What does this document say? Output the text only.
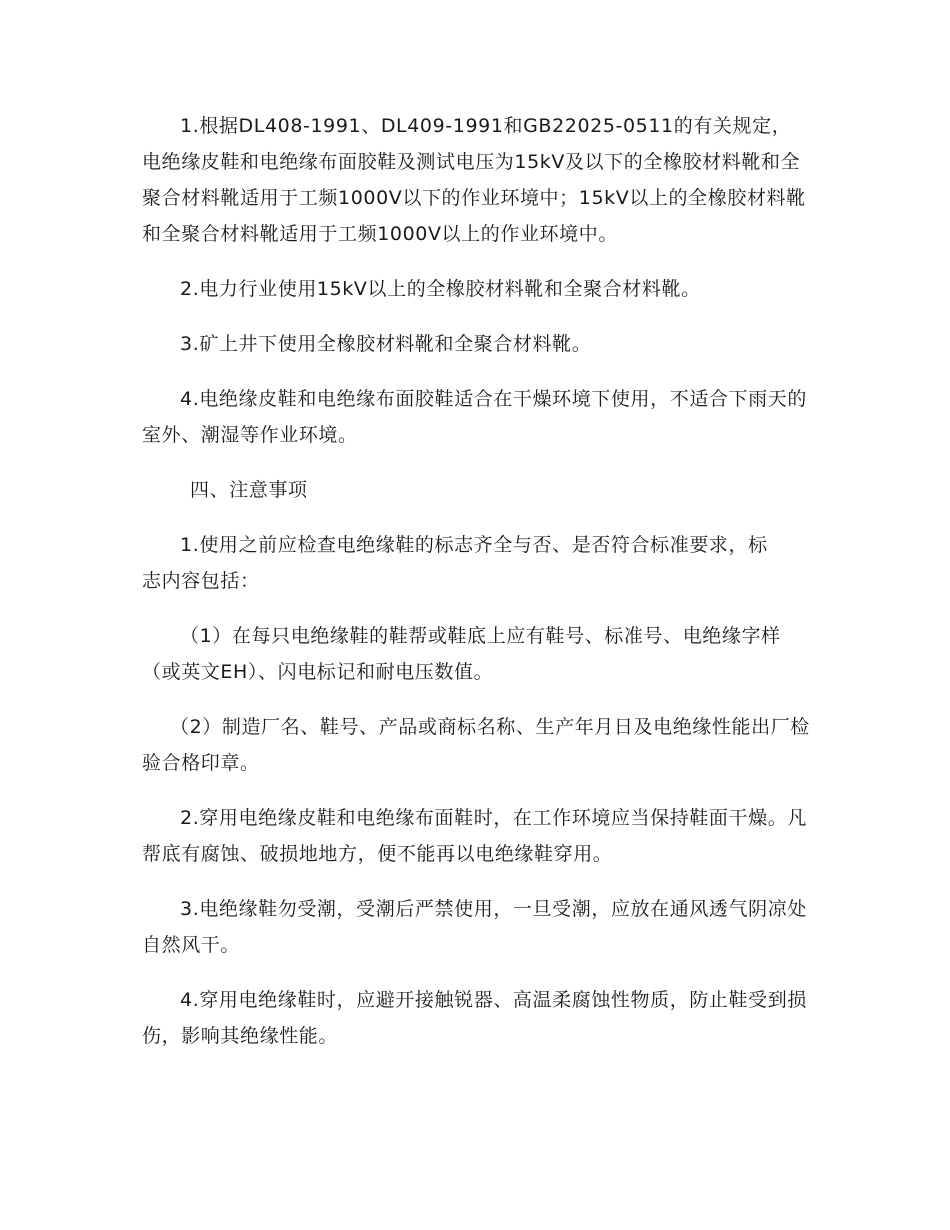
1.根据DL408-1991、DL409-1991和GB22025-0511的有关规定，电绝缘皮鞋和电绝缘布面胶鞋及测试电压为15kV及以下的全橡胶材料靴和全聚合材料靴适用于工频1000V以下的作业环境中；15kV以上的全橡胶材料靴和全聚合材料靴适用于工频1000V以上的作业环境中。

2.电力行业使用15kV以上的全橡胶材料靴和全聚合材料靴。

3.矿上井下使用全橡胶材料靴和全聚合材料靴。

4.电绝缘皮鞋和电绝缘布面胶鞋适合在干燥环境下使用，不适合下雨天的室外、潮湿等作业环境。

四、注意事项

1.使用之前应检查电绝缘鞋的标志齐全与否、是否符合标准要求，标志内容包括：

（1）在每只电绝缘鞋的鞋帮或鞋底上应有鞋号、标准号、电绝缘字样（或英文EH）、闪电标记和耐电压数值。

（2）制造厂名、鞋号、产品或商标名称、生产年月日及电绝缘性能出厂检验合格印章。

2.穿用电绝缘皮鞋和电绝缘布面鞋时，在工作环境应当保持鞋面干燥。凡帮底有腐蚀、破损地地方，便不能再以电绝缘鞋穿用。

3.电绝缘鞋勿受潮，受潮后严禁使用，一旦受潮，应放在通风透气阴凉处自然风干。

4.穿用电绝缘鞋时，应避开接触锐器、高温柔腐蚀性物质，防止鞋受到损伤，影响其绝缘性能。
